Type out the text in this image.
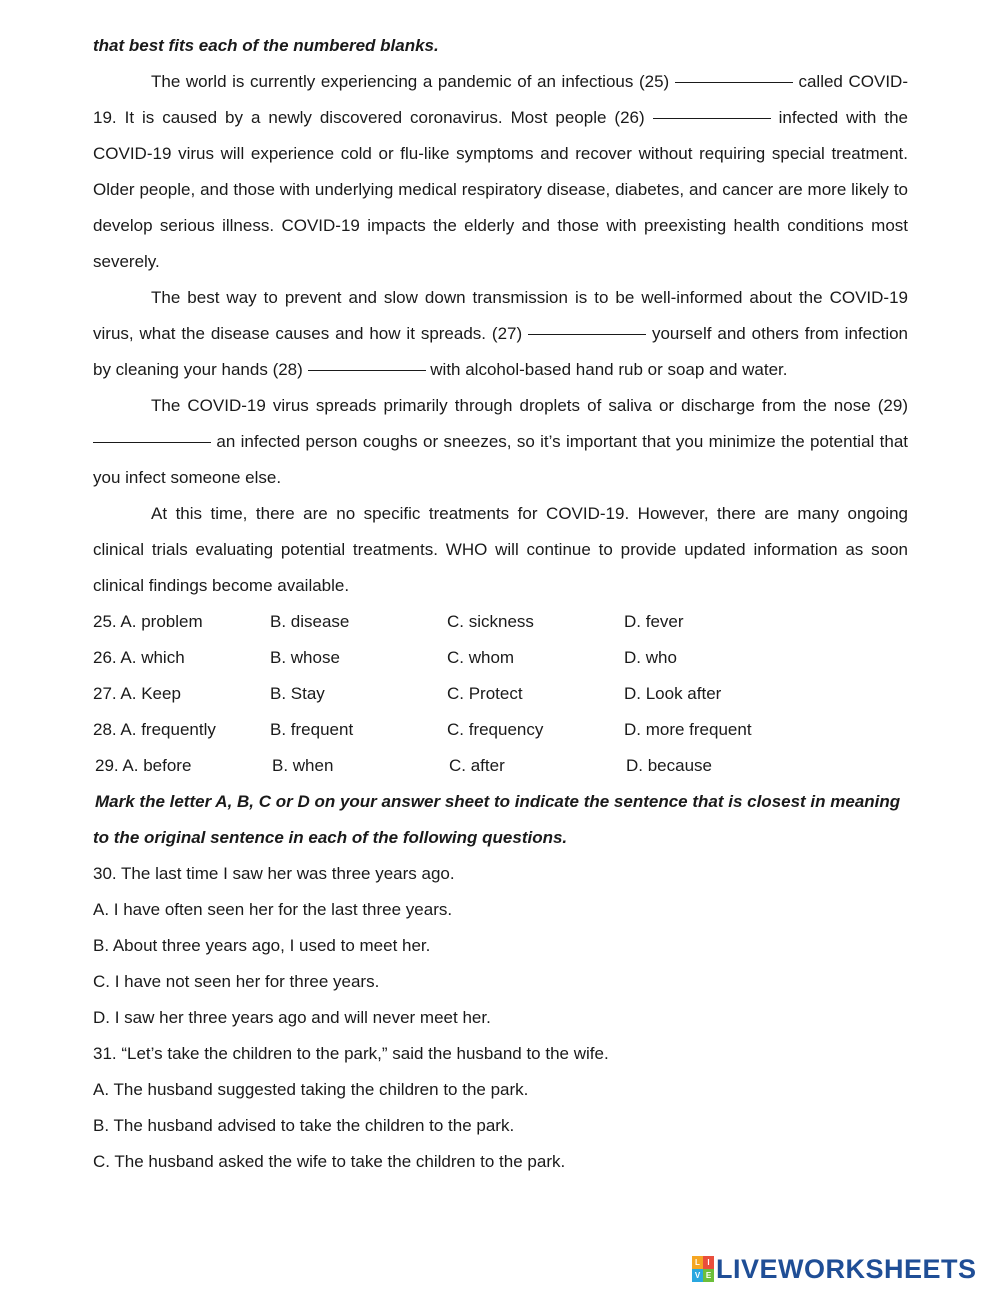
that best fits each of the numbered blanks.

The world is currently experiencing a pandemic of an infectious (25)	called COVID-19. It is caused by a newly discovered coronavirus. Most people (26)	infected with the COVID-19 virus will experience cold or flu-like symptoms and recover without requiring special treatment. Older people, and those with underlying medical respiratory disease, diabetes, and cancer are more likely to develop serious illness. COVID-19 impacts the elderly and those with preexisting health conditions most severely.

The best way to prevent and slow down transmission is to be well-informed about the COVID-19 virus, what the disease causes and how it spreads. (27)	yourself and others from infection by cleaning your hands (28)	with alcohol-based hand rub or soap and water.

The COVID-19 virus spreads primarily through droplets of saliva or discharge from the nose (29)  an infected person coughs or sneezes, so it’s important that you minimize the potential that you infect someone else.

At this time, there are no specific treatments for COVID-19. However, there are many ongoing clinical trials evaluating potential treatments. WHO will continue to provide updated information as soon clinical findings become available.

25. A. problem	B. disease	C. sickness	D. fever
26. A. which	B. whose	C. whom	D. who
27. A. Keep	B. Stay	C. Protect	D. Look after
28. A. frequently	B. frequent	C. frequency	D. more frequent
29. A. before	B. when	C. after	D. because
Mark the letter A, B, C or D on your answer sheet to indicate the sentence that is closest in meaning
to the original sentence in each of the following questions.
30. The last time I saw her was three years ago.
A. I have often seen her for the last three years.
B. About three years ago, I used to meet her.
C. I have not seen her for three years.
D. I saw her three years ago and will never meet her.
31. “Let’s take the children to the park,” said the husband to the wife.
A. The husband suggested taking the children to the park.
B. The husband advised to take the children to the park.
C. The husband asked the wife to take the children to the park.
L I
V E LIVEWORKSHEETS
